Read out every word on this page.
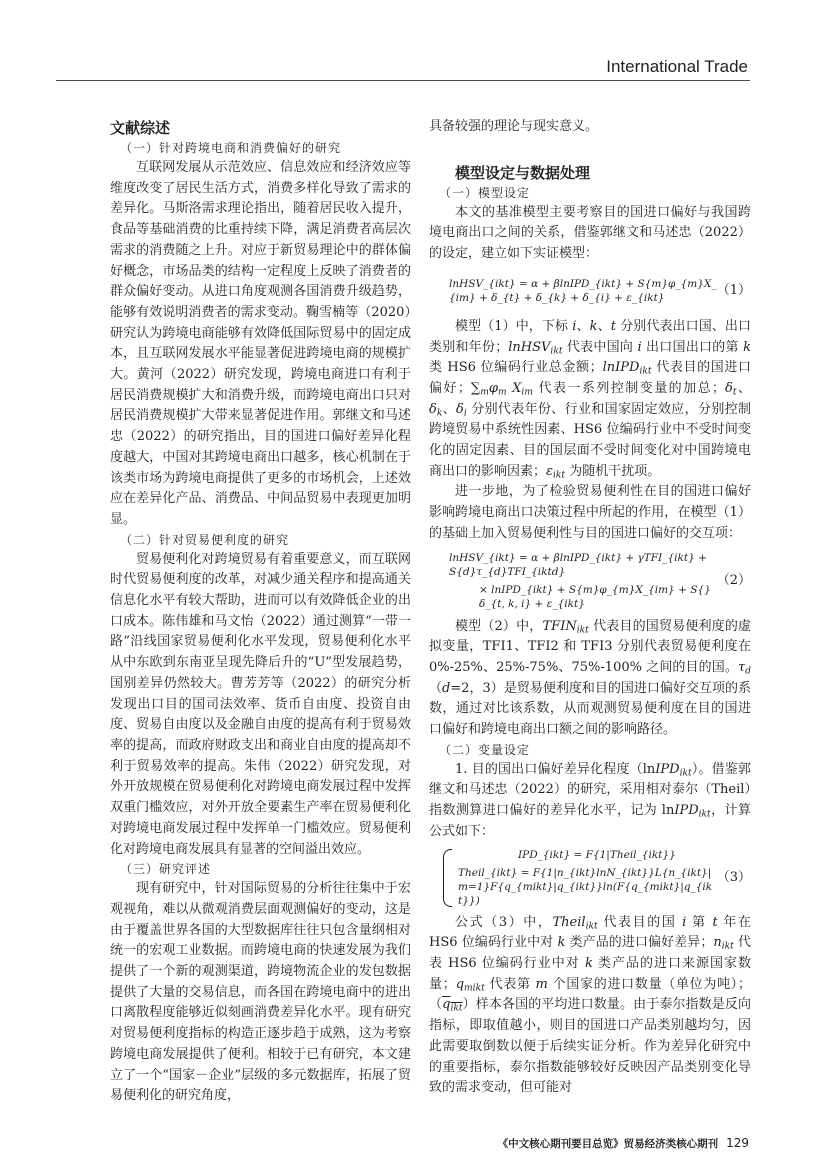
International Trade
文献综述
（一）针对跨境电商和消费偏好的研究

互联网发展从示范效应、信息效应和经济效应等维度改变了居民生活方式，消费多样化导致了需求的差异化。马斯洛需求理论指出，随着居民收入提升，食品等基础消费的比重持续下降，满足消费者高层次需求的消费随之上升。对应于新贸易理论中的群体偏好概念，市场品类的结构一定程度上反映了消费者的群众偏好变动。从进口角度观测各国消费升级趋势，能够有效说明消费者的需求变动。鞠雪楠等（2020）研究认为跨境电商能够有效降低国际贸易中的固定成本，且互联网发展水平能显著促进跨境电商的规模扩大。黄河（2022）研究发现，跨境电商进口有利于居民消费规模扩大和消费升级，而跨境电商出口只对居民消费规模扩大带来显著促进作用。郭继文和马述忠（2022）的研究指出，目的国进口偏好差异化程度越大，中国对其跨境电商出口越多，核心机制在于该类市场为跨境电商提供了更多的市场机会，上述效应在差异化产品、消费品、中间品贸易中表现更加明显。

（二）针对贸易便利度的研究

贸易便利化对跨境贸易有着重要意义，而互联网时代贸易便利度的改革，对减少通关程序和提高通关信息化水平有较大帮助，进而可以有效降低企业的出口成本。陈伟雄和马文怡（2022）通过测算“一带一路”沿线国家贸易便利化水平发现，贸易便利化水平从中东欧到东南亚呈现先降后升的“U”型发展趋势，国别差异仍然较大。曹芳芳等（2022）的研究分析发现出口目的国司法效率、货币自由度、投资自由度、贸易自由度以及金融自由度的提高有利于贸易效率的提高，而政府财政支出和商业自由度的提高却不利于贸易效率的提高。朱伟（2022）研究发现，对外开放规模在贸易便利化对跨境电商发展过程中发挥双重门槛效应，对外开放全要素生产率在贸易便利化对跨境电商发展过程中发挥单一门槛效应。贸易便利化对跨境电商发展具有显著的空间溢出效应。

（三）研究评述

现有研究中，针对国际贸易的分析往往集中于宏观视角，难以从微观消费层面观测偏好的变动，这是由于覆盖世界各国的大型数据库往往只包含量纲相对统一的宏观工业数据。而跨境电商的快速发展为我们提供了一个新的观测渠道，跨境物流企业的发包数据提供了大量的交易信息，而各国在跨境电商中的进出口离散程度能够近似刻画消费差异化水平。现有研究对贸易便利度指标的构造正逐步趋于成熟，这为考察跨境电商发展提供了便利。相较于已有研究，本文建立了一个“国家－企业”层级的多元数据库，拓展了贸易便利化的研究角度，

具备较强的理论与现实意义。

模型设定与数据处理
（一）模型设定

本文的基准模型主要考察目的国进口偏好与我国跨境电商出口之间的关系，借鉴郭继文和马述忠（2022）的设定，建立如下实证模型：

lnHSV_{ikt} = α + βlnIPD_{ikt} + S{m}φ_{m}X_{im} + δ_{t} + δ_{k} + δ_{i} + ε_{ikt}	（1）

模型（1）中，下标 i、k、t 分别代表出口国、出口类别和年份；lnHSV$_{ikt}$ 代表中国向 i 出口国出口的第 k 类 HS6 位编码行业总金额；lnIPD$_{ikt}$ 代表目的国进口偏好；$\sum_m\varphi_m$ $X_{im}$ 代表一系列控制变量的加总；$\delta_t$、$\delta_k$、$\delta_i$ 分别代表年份、行业和国家固定效应，分别控制跨境贸易中系统性因素、HS6 位编码行业中不受时间变化的固定因素、目的国层面不受时间变化对中国跨境电商出口的影响因素；$\varepsilon_{ikt}$ 为随机干扰项。

进一步地，为了检验贸易便利性在目的国进口偏好影响跨境电商出口决策过程中所起的作用，在模型（1）的基础上加入贸易便利性与目的国进口偏好的交互项：

lnHSV_{ikt} = α + βlnIPD_{ikt} + γTFI_{ikt} + S{d}τ_{d}TFI_{iktd}
× lnIPD_{ikt} + S{m}φ_{m}X_{im} + S{}δ_{t, k, i} + ε_{ikt}
（2）

模型（2）中，$TFIN_{ikt}$ 代表目的国贸易便利度的虚拟变量，TFI1、TFI2 和 TFI3 分别代表贸易便利度在 0%-25%、25%-75%、75%-100% 之间的目的国。$\tau_d(d=2$，3）是贸易便利度和目的国进口偏好交互项的系数，通过对比该系数，从而观测贸易便利度在目的国进口偏好和跨境电商出口额之间的影响路径。

（二）变量设定

1. 目的国出口偏好差异化程度（lnIPD$_{ikt}$）。借鉴郭继文和马述忠（2022）的研究，采用相对泰尔（Theil）指数测算进口偏好的差异化水平，记为 lnIPD$_{ikt}$，计算公式如下：

IPD_{ikt} = F{1|Theil_{ikt}}
Theil_{ikt} = F{1|n_{ikt}lnN_{ikt}}L{n_{ikt}|m=1}F{q_{mikt}|q_{ikt}}ln(F{q_{mikt}|q_{ikt}})
（3）

公式（3）中，Theil$_{ikt}$ 代表目的国 i 第 t 年在 HS6 位编码行业中对 k 类产品的进口偏好差异；$n_{ikt}$ 代表 HS6 位编码行业中对 k 类产品的进口来源国家数量；$q_{mikt}$ 代表第 m 个国家的进口数量（单位为吨）；$(q_{ikt})$样本各国的平均进口数量。由于泰尔指数是反向指标，即取值越小，则目的国进口产品类别越均匀，因此需要取倒数以便于后续实证分析。作为差异化研究中的重要指标，泰尔指数能够较好反映因产品类别变化导致的需求变动，但可能对

《中文核心期刊要目总览》贸易经济类核心期刊 129
